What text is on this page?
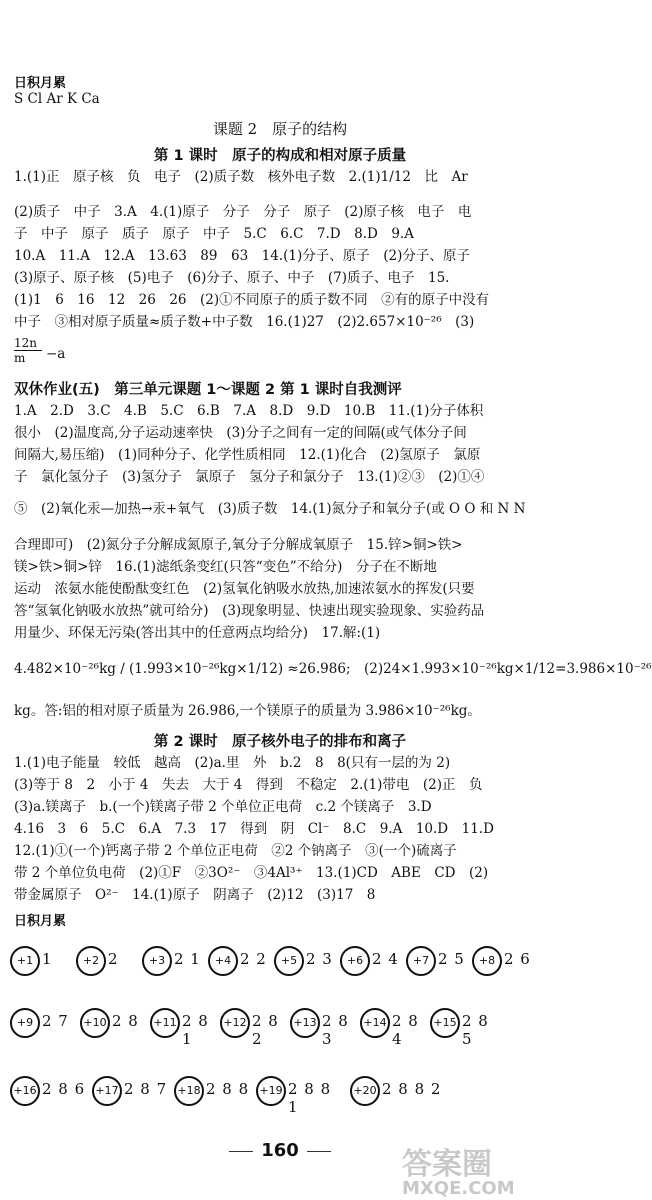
日积月累
S Cl Ar K Ca
课题 2　原子的结构
第 1 课时　原子的构成和相对原子质量
1.(1)正　原子核　负　电子　(2)质子数　核外电子数　2.(1)1/12　比　Ar
(2)质子　中子　3.A　4.(1)原子　分子　分子　原子　(2)原子核　电子　电
子　中子　原子　质子　原子　中子　5.C　6.C　7.D　8.D　9.A
10.A　11.A　12.A　13.63　89　63　14.(1)分子、原子　(2)分子、原子
(3)原子、原子核　(5)电子　(6)分子、原子、中子　(7)质子、电子　15.
(1)1　6　16　12　26　26　(2)①不同原子的质子数不同　②有的原子中没有
中子　③相对原子质量≈质子数+中子数　16.(1)27　(2)2.657×10⁻²⁶　(3)
12n
m	−a
双休作业(五)　第三单元课题 1～课题 2 第 1 课时自我测评
1.A　2.D　3.C　4.B　5.C　6.B　7.A　8.D　9.D　10.B　11.(1)分子体积
很小　(2)温度高,分子运动速率快　(3)分子之间有一定的间隔(或气体分子间
间隔大,易压缩)　(1)同种分子、化学性质相同　12.(1)化合　(2)氢原子　氯原
子　氯化氢分子　(3)氢分子　氯原子　氢分子和氯分子　13.(1)②③　(2)①④
⑤　(2)氧化汞—加热→汞+氧气　(3)质子数　14.(1)氮分子和氧分子(或 O O 和 N N
合理即可)　(2)氮分子分解成氮原子,氧分子分解成氧原子　15.锌>铜>铁>
镁>铁>铜>锌　16.(1)滤纸条变红(只答“变色”不给分)　分子在不断地
运动　浓氨水能使酚酞变红色　(2)氢氧化钠吸水放热,加速浓氨水的挥发(只要
答“氢氧化钠吸水放热”就可给分)　(3)现象明显、快速出现实验现象、实验药品
用量少、环保无污染(答出其中的任意两点均给分)　17.解:(1)
4.482×10⁻²⁶kg / (1.993×10⁻²⁶kg×1/12) ≈26.986;　(2)24×1.993×10⁻²⁶kg×1/12=3.986×10⁻²⁶
kg。答:铝的相对原子质量为 26.986,一个镁原子的质量为 3.986×10⁻²⁶kg。
第 2 课时　原子核外电子的排布和离子
1.(1)电子能量　较低　越高　(2)a.里　外　b.2　8　8(只有一层的为 2)
(3)等于 8　2　小于 4　失去　大于 4　得到　不稳定　2.(1)带电　(2)正　负
(3)a.镁离子　b.(一个)镁离子带 2 个单位正电荷　c.2 个镁离子　3.D
4.16　3　6　5.C　6.A　7.3　17　得到　阴　Cl⁻　8.C　9.A　10.D　11.D
12.(1)①(一个)钙离子带 2 个单位正电荷　②2 个钠离子　③(一个)硫离子
带 2 个单位负电荷　(2)①F　②3O²⁻　③4Al³⁺　13.(1)CD　ABE　CD　(2)
带金属原子　O²⁻　14.(1)原子　阴离子　(2)12　(3)17　8
日积月累
+1 1	+2 2	+3 2 1	+4 2 2	+5 2 3	+6 2 4	+7 2 5	+8 2 6
+9 2 7	+10 2 8	+11 2 8 1
+12 2 8 2
+13 2 8 3
+14 2 8 4
+15 2 8 5
+16 2 8 6 +17 2 8 7 +18 2 8 8 +19 2 8 8 1
+20 2 8 8 2
160	答案圈
MXQE.COM
